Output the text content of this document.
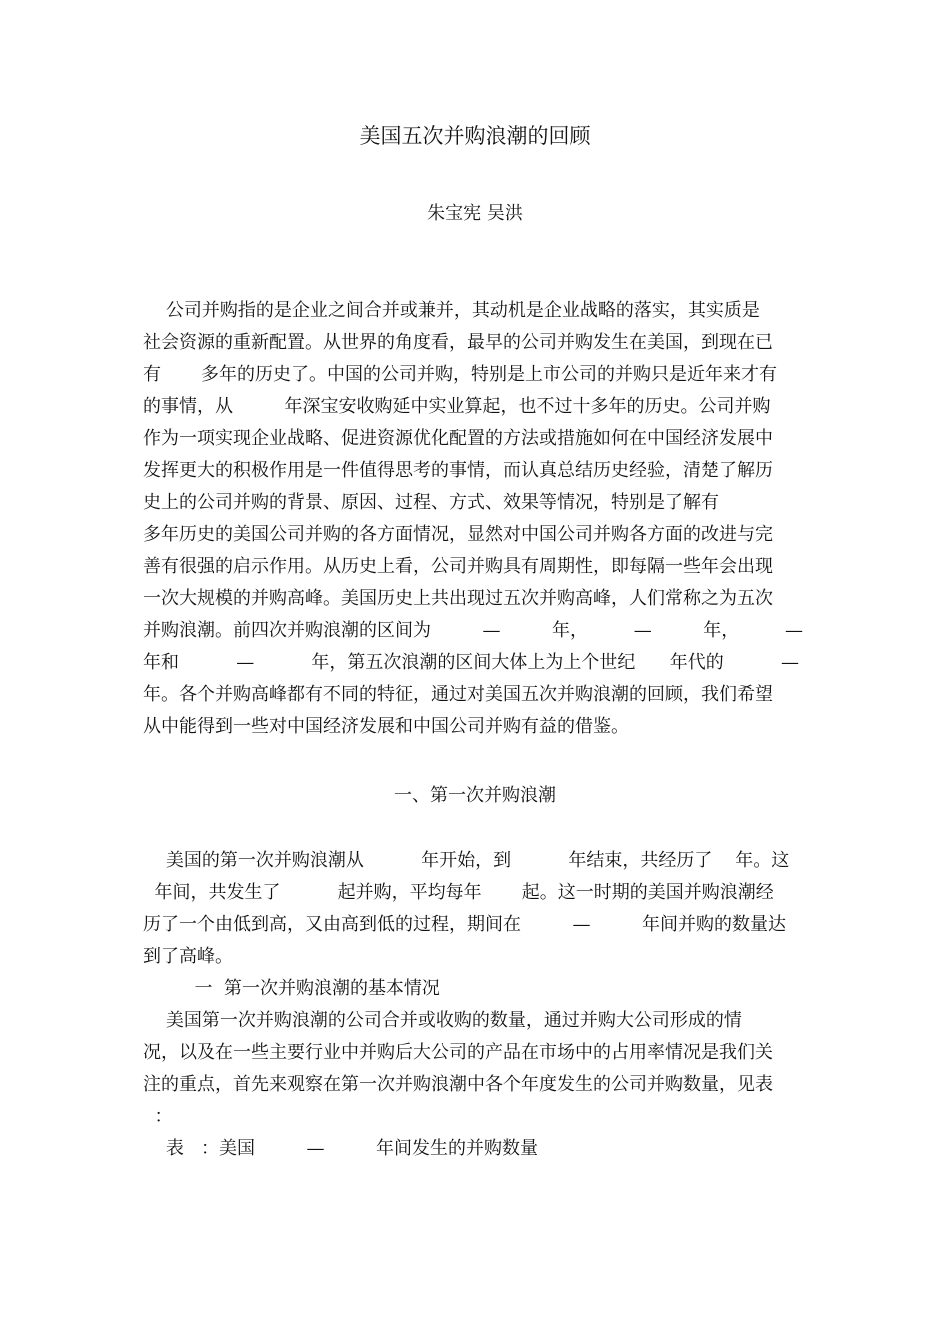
美国五次并购浪潮的回顾
朱宝宪 吴洪
公司并购指的是企业之间合并或兼并，其动机是企业战略的落实，其实质是
社会资源的重新配置。从世界的角度看，最早的公司并购发生在美国，到现在已
有       多年的历史了。中国的公司并购，特别是上市公司的并购只是近年来才有
的事情，从         年深宝安收购延中实业算起，也不过十多年的历史。公司并购
作为一项实现企业战略、促进资源优化配置的方法或措施如何在中国经济发展中
发挥更大的积极作用是一件值得思考的事情，而认真总结历史经验，清楚了解历
史上的公司并购的背景、原因、过程、方式、效果等情况，特别是了解有
多年历史的美国公司并购的各方面情况，显然对中国公司并购各方面的改进与完
善有很强的启示作用。从历史上看，公司并购具有周期性，即每隔一些年会出现
一次大规模的并购高峰。美国历史上共出现过五次并购高峰，人们常称之为五次
并购浪潮。前四次并购浪潮的区间为         —         年，        —         年，        —
年和          —          年，第五次浪潮的区间大体上为上个世纪      年代的          —
年。各个并购高峰都有不同的特征，通过对美国五次并购浪潮的回顾，我们希望
从中能得到一些对中国经济发展和中国公司并购有益的借鉴。
一、第一次并购浪潮
美国的第一次并购浪潮从          年开始，到          年结束，共经历了    年。这
年间，共发生了          起并购，平均每年       起。这一时期的美国并购浪潮经
历了一个由低到高，又由高到低的过程，期间在         —         年间并购的数量达
到了高峰。
一  第一次并购浪潮的基本情况
美国第一次并购浪潮的公司合并或收购的数量，通过并购大公司形成的情
况，以及在一些主要行业中并购后大公司的产品在市场中的占用率情况是我们关
注的重点，首先来观察在第一次并购浪潮中各个年度发生的公司并购数量，见表
：
表   ：美国         —         年间发生的并购数量
